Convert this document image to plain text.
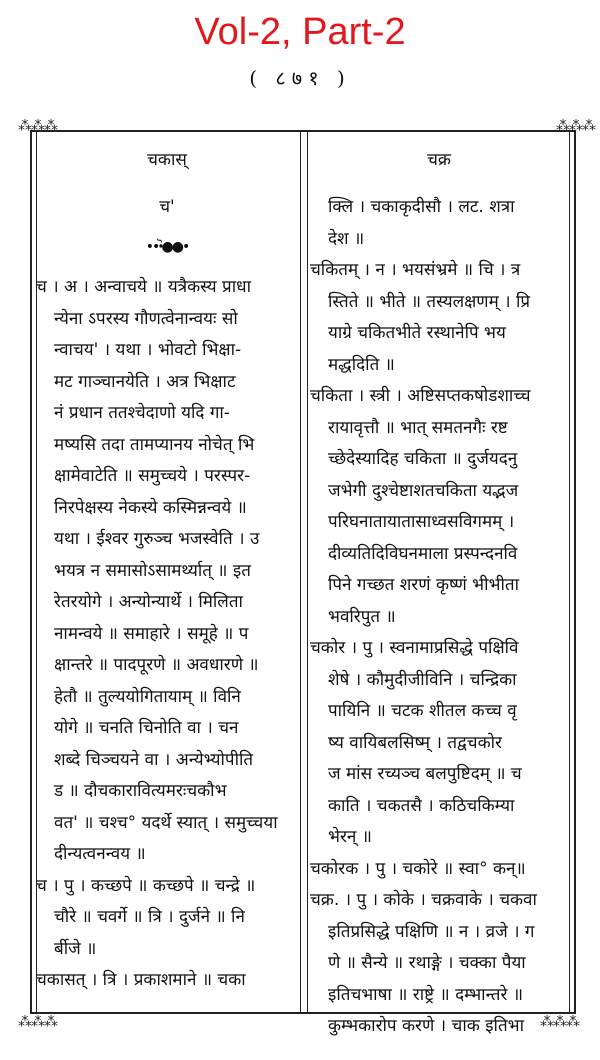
Vol-2, Part-2
( ८७१ )
⁂⁂⁂	⁂⁂⁂
⁂⁂⁂	⁂⁂⁂
चकास्
च'
•••ॆ●●•
च । अ । अन्वाचये ॥ यत्रैकस्य प्राधा
न्येना ऽपरस्य गौणत्वेनान्वयः सो
न्वाचय' । यथा । भोवटो भिक्षा-
मट गाञ्चानयेति । अत्र भिक्षाट
नं प्रधान ततश्चेदाणो यदि गा-
मष्यसि तदा तामप्यानय नोचेत् भि
क्षामेवाटेति ॥ समुच्चये । परस्पर-
निरपेक्षस्य नेकस्ये कस्मिन्नन्वये ॥
यथा । ईश्वर गुरुञ्च भजस्वेति । उ
भयत्र न समासोऽसामर्थ्यात् ॥ इत
रेतरयोगे । अन्योन्यार्थे । मिलिता
नामन्वये ॥ समाहारे । समूहे ॥ प
क्षान्तरे ॥ पादपूरणे ॥ अवधारणे ॥
हेतौ ॥ तुल्ययोगितायाम् ॥ विनि
योगे ॥ चनति चिनोति वा । चन
शब्दे चिञ्चयने वा । अन्येभ्योपीति
ड ॥ दौचकारावित्यमरःचकौभ
वत' ॥ चश्च° यदर्थे स्यात् । समुच्चया
दीन्यत्वनन्वय ॥
च । पु । कच्छपे ॥ कच्छपे ॥ चन्द्रे ॥
चौरे ॥ चवर्गे ॥ त्रि । दुर्जने ॥ नि
र्बीजे ॥
चकासत् । त्रि । प्रकाशमाने ॥ चका
चक्र
क्लि । चकाकृदीसौ । लट. शत्रा
देश ॥
चकितम् । न । भयसंभ्रमे ॥ चि । त्र
स्तिते ॥ भीते ॥ तस्यलक्षणम् । प्रि
याग्रे चकितभीते रस्थानेपि भय
मद्धदिति ॥
चकिता । स्त्री । अष्टिसप्तकषोडशाच्च
रायावृत्तौ ॥ भात् समतनगैः रष्ट
च्छेदेस्यादिह चकिता ॥ दुर्जयदनु
जभेगी दुश्चेष्टाशतचकिता यद्भज
परिघनातायातासाध्वसविगमम् ।
दीव्यतिदिविघनमाला प्रस्पन्दनवि
पिने गच्छत शरणं कृष्णं भीभीता
भवरिपुत ॥
चकोर । पु । स्वनामाप्रसिद्धे पक्षिवि
शेषे । कौमुदीजीविनि । चन्द्रिका
पायिनि ॥ चटक शीतल कच्च वृ
ष्य वायिबलसिष्म् । तद्वचकोर
ज मांस रच्यञ्च बलपुष्टिदम् ॥ च
काति । चकतसै । कठिचकिम्या
भेरन् ॥
चकोरक । पु । चकोरे ॥ स्वा° कन्॥
चक्र. । पु । कोके । चक्रवाके । चकवा
इतिप्रसिद्धे पक्षिणि ॥ न । व्रजे । ग
णे ॥ सैन्ये ॥ रथाङ्गे । चक्का पैया
इतिचभाषा ॥ राष्ट्रे ॥ दम्भान्तरे ॥
कुम्भकारोप करणे । चाक इतिभा
